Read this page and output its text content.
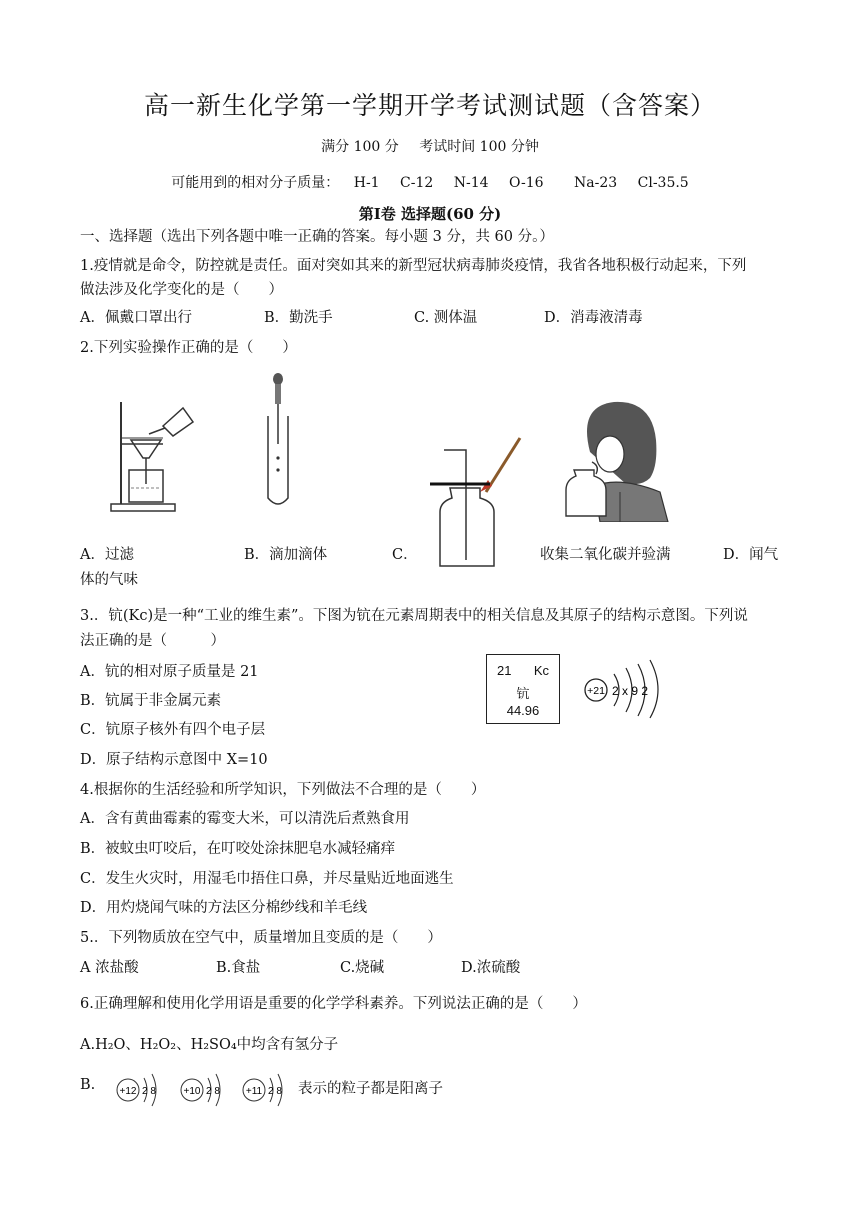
高一新生化学第一学期开学考试测试题（含答案）
满分 100 分 考试时间 100 分钟
可能用到的相对分子质量： H-1 C-12 N-14 O-16 Na-23 Cl-35.5
第Ⅰ卷 选择题(60 分)
一、选择题（选出下列各题中唯一正确的答案。每小题 3 分，共 60 分。）
1.疫情就是命令，防控就是责任。面对突如其来的新型冠状病毒肺炎疫情，我省各地积极行动起来，下列
做法涉及化学变化的是（　　）
A．佩戴口罩出行	B．勤洗手	C. 测体温	D．消毒液清毒
2.下列实验操作正确的是（　　）
A．过滤	B．滴加滴体	C．	收集二氧化碳并验满	D．闻气
体的气味
3.．钪(Kc)是一种“工业的维生素”。下图为钪在元素周期表中的相关信息及其原子的结构示意图。下列说
法正确的是（　　　）
A．钪的相对原子质量是 21
B．钪属于非金属元素
C．钪原子核外有四个电子层
D．原子结构示意图中 X=10
21 Kc
钪
44.96
+21 2 x 9 2
4.根据你的生活经验和所学知识，下列做法不合理的是（　　）
A．含有黄曲霉素的霉变大米，可以清洗后煮熟食用
B．被蚊虫叮咬后，在叮咬处涂抹肥皂水减轻痛痒
C．发生火灾时，用湿毛巾捂住口鼻，并尽量贴近地面逃生
D．用灼烧闻气味的方法区分棉纱线和羊毛线
5.．下列物质放在空气中，质量增加且变质的是（　　）
A 浓盐酸	B.食盐	C.烧碱	D.浓硫酸
6.正确理解和使用化学用语是重要的化学学科素养。下列说法正确的是（　　）
A.H₂O、H₂O₂、H₂SO₄中均含有氢分子
B. +12 2 8	+10 2 8	+11 2 8 表示的粒子都是阳离子
